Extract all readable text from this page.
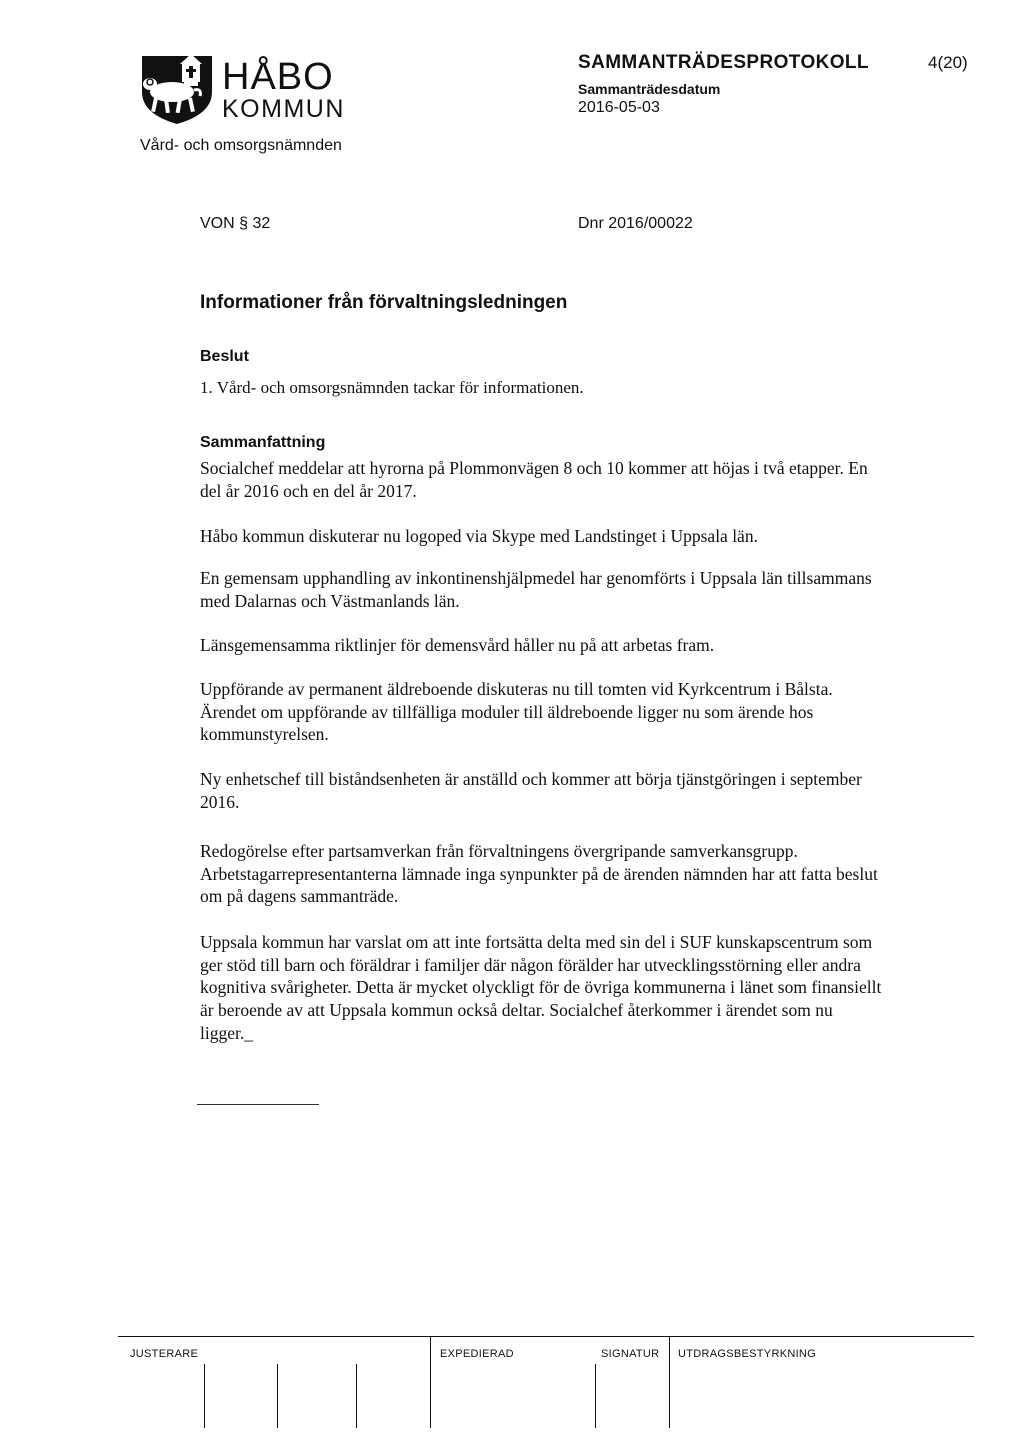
HÅBO
KOMMUN
Vård- och omsorgsnämnden
SAMMANTRÄDESPROTOKOLL	4(20)
Sammanträdesdatum
2016-05-03
VON § 32	Dnr 2016/00022
Informationer från förvaltningsledningen
Beslut
1. Vård- och omsorgsnämnden tackar för informationen.
Sammanfattning

Socialchef meddelar att hyrorna på Plommonvägen 8 och 10 kommer att höjas i två etapper. En del år 2016 och en del år 2017.

Håbo kommun diskuterar nu logoped via Skype med Landstinget i Uppsala län.

En gemensam upphandling av inkontinenshjälpmedel har genomförts i Uppsala län tillsammans med Dalarnas och Västmanlands län.

Länsgemensamma riktlinjer för demensvård håller nu på att arbetas fram.

Uppförande av permanent äldreboende diskuteras nu till tomten vid Kyrkcentrum i Bålsta. Ärendet om uppförande av tillfälliga moduler till äldreboende ligger nu som ärende hos kommunstyrelsen.

Ny enhetschef till biståndsenheten är anställd och kommer att börja tjänstgöringen i september 2016.

Redogörelse efter partsamverkan från förvaltningens övergripande samverkansgrupp. Arbetstagarrepresentanterna lämnade inga synpunkter på de ärenden nämnden har att fatta beslut om på dagens sammanträde.

Uppsala kommun har varslat om att inte fortsätta delta med sin del i SUF kunskapscentrum som ger stöd till barn och föräldrar i familjer där någon förälder har utvecklingsstörning eller andra kognitiva svårigheter. Detta är mycket olyckligt för de övriga kommunerna i länet som finansiellt är beroende av att Uppsala kommun också deltar. Socialchef återkommer i ärendet som nu ligger._

JUSTERARE	EXPEDIERAD	SIGNATUR UTDRAGSBESTYRKNING
